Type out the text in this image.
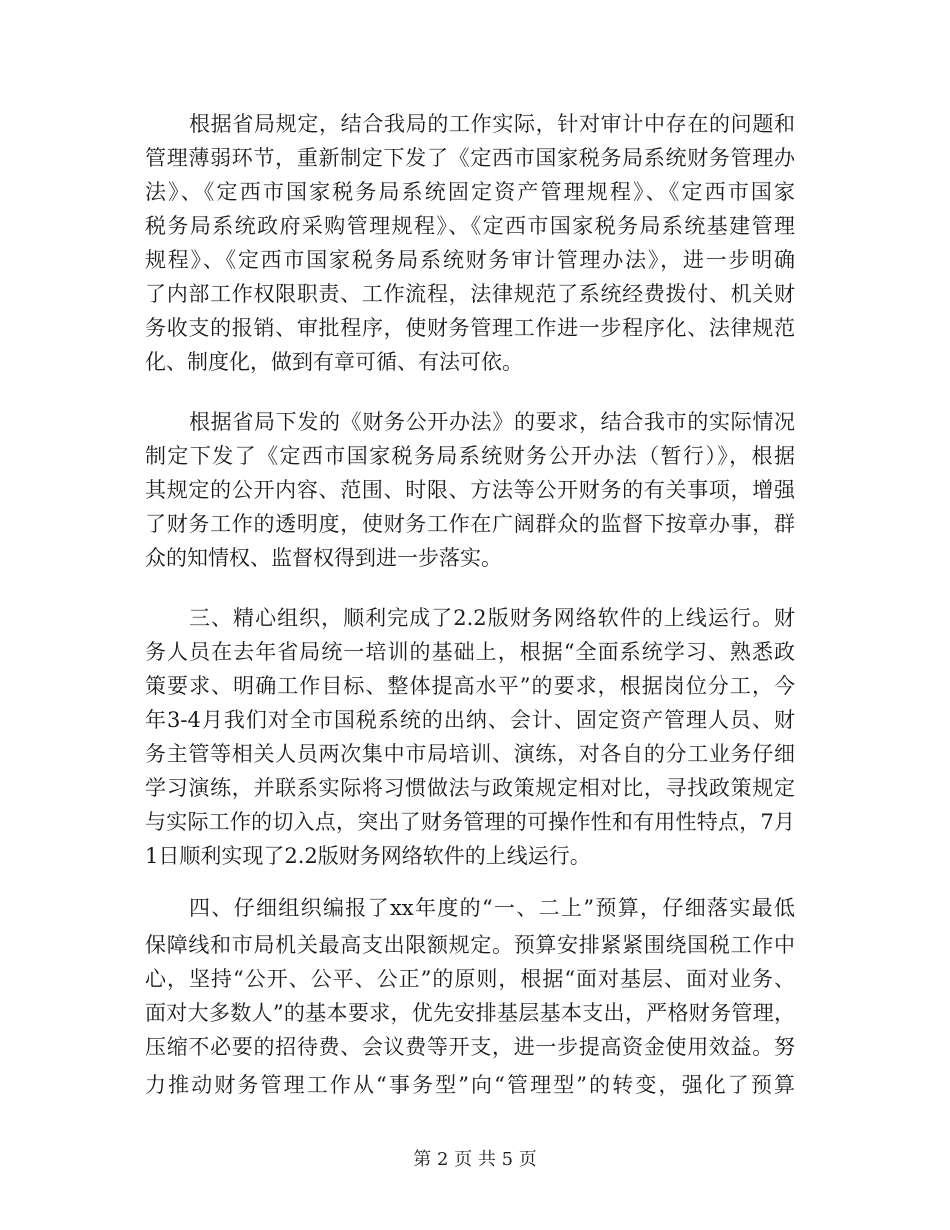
根据省局规定，结合我局的工作实际，针对审计中存在的问题和
管理薄弱环节，重新制定下发了《定西市国家税务局系统财务管理办
法》、《定西市国家税务局系统固定资产管理规程》、《定西市国家
税务局系统政府采购管理规程》、《定西市国家税务局系统基建管理
规程》、《定西市国家税务局系统财务审计管理办法》，进一步明确
了内部工作权限职责、工作流程，法律规范了系统经费拨付、机关财
务收支的报销、审批程序，使财务管理工作进一步程序化、法律规范
化、制度化，做到有章可循、有法可依。
根据省局下发的《财务公开办法》的要求，结合我市的实际情况
制定下发了《定西市国家税务局系统财务公开办法（暂行）》，根据
其规定的公开内容、范围、时限、方法等公开财务的有关事项，增强
了财务工作的透明度，使财务工作在广阔群众的监督下按章办事，群
众的知情权、监督权得到进一步落实。
三、精心组织，顺利完成了2.2版财务网络软件的上线运行。财
务人员在去年省局统一培训的基础上，根据“全面系统学习、熟悉政
策要求、明确工作目标、整体提高水平”的要求，根据岗位分工，今
年3-4月我们对全市国税系统的出纳、会计、固定资产管理人员、财
务主管等相关人员两次集中市局培训、演练，对各自的分工业务仔细
学习演练，并联系实际将习惯做法与政策规定相对比，寻找政策规定
与实际工作的切入点，突出了财务管理的可操作性和有用性特点，7月
1日顺利实现了2.2版财务网络软件的上线运行。
四、仔细组织编报了xx年度的“一、二上”预算，仔细落实最低
保障线和市局机关最高支出限额规定。预算安排紧紧围绕国税工作中
心，坚持“公开、公平、公正”的原则，根据“面对基层、面对业务、
面对大多数人”的基本要求，优先安排基层基本支出，严格财务管理，
压缩不必要的招待费、会议费等开支，进一步提高资金使用效益。努
力推动财务管理工作从“事务型”向“管理型”的转变，强化了预算
第 2 页 共 5 页
